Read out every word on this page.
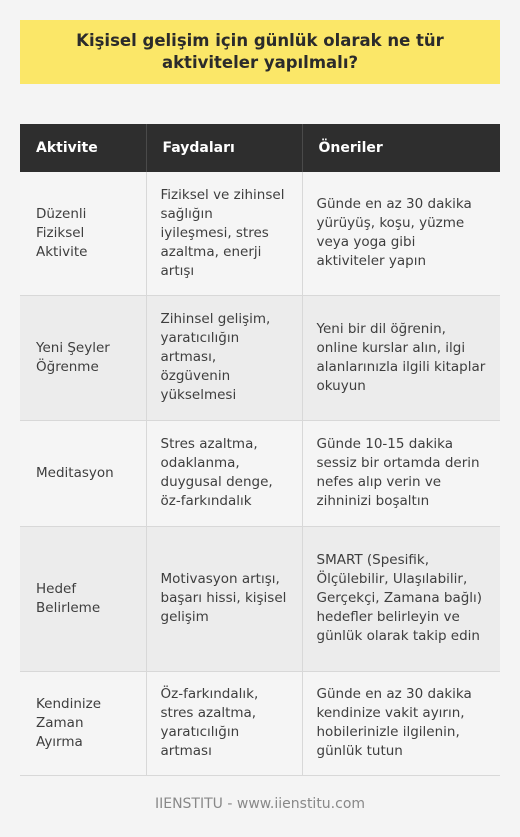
Kişisel gelişim için günlük olarak ne tür aktiviteler yapılmalı?
Aktivite	Faydaları	Öneriler
Düzenli Fiziksel Aktivite	Fiziksel ve zihinsel sağlığın iyileşmesi, stres azaltma, enerji artışı	Günde en az 30 dakika yürüyüş, koşu, yüzme veya yoga gibi aktiviteler yapın
Yeni Şeyler Öğrenme	Zihinsel gelişim, yaratıcılığın artması, özgüvenin yükselmesi	Yeni bir dil öğrenin, online kurslar alın, ilgi alanlarınızla ilgili kitaplar okuyun
Meditasyon	Stres azaltma, odaklanma, duygusal denge, öz-farkındalık	Günde 10-15 dakika sessiz bir ortamda derin nefes alıp verin ve zihninizi boşaltın
Hedef Belirleme	Motivasyon artışı, başarı hissi, kişisel gelişim	SMART (Spesifik, Ölçülebilir, Ulaşılabilir, Gerçekçi, Zamana bağlı) hedefler belirleyin ve günlük olarak takip edin
Kendinize Zaman Ayırma	Öz-farkındalık, stres azaltma, yaratıcılığın artması	Günde en az 30 dakika kendinize vakit ayırın, hobilerinizle ilgilenin, günlük tutun
IIENSTITU - www.iienstitu.com
